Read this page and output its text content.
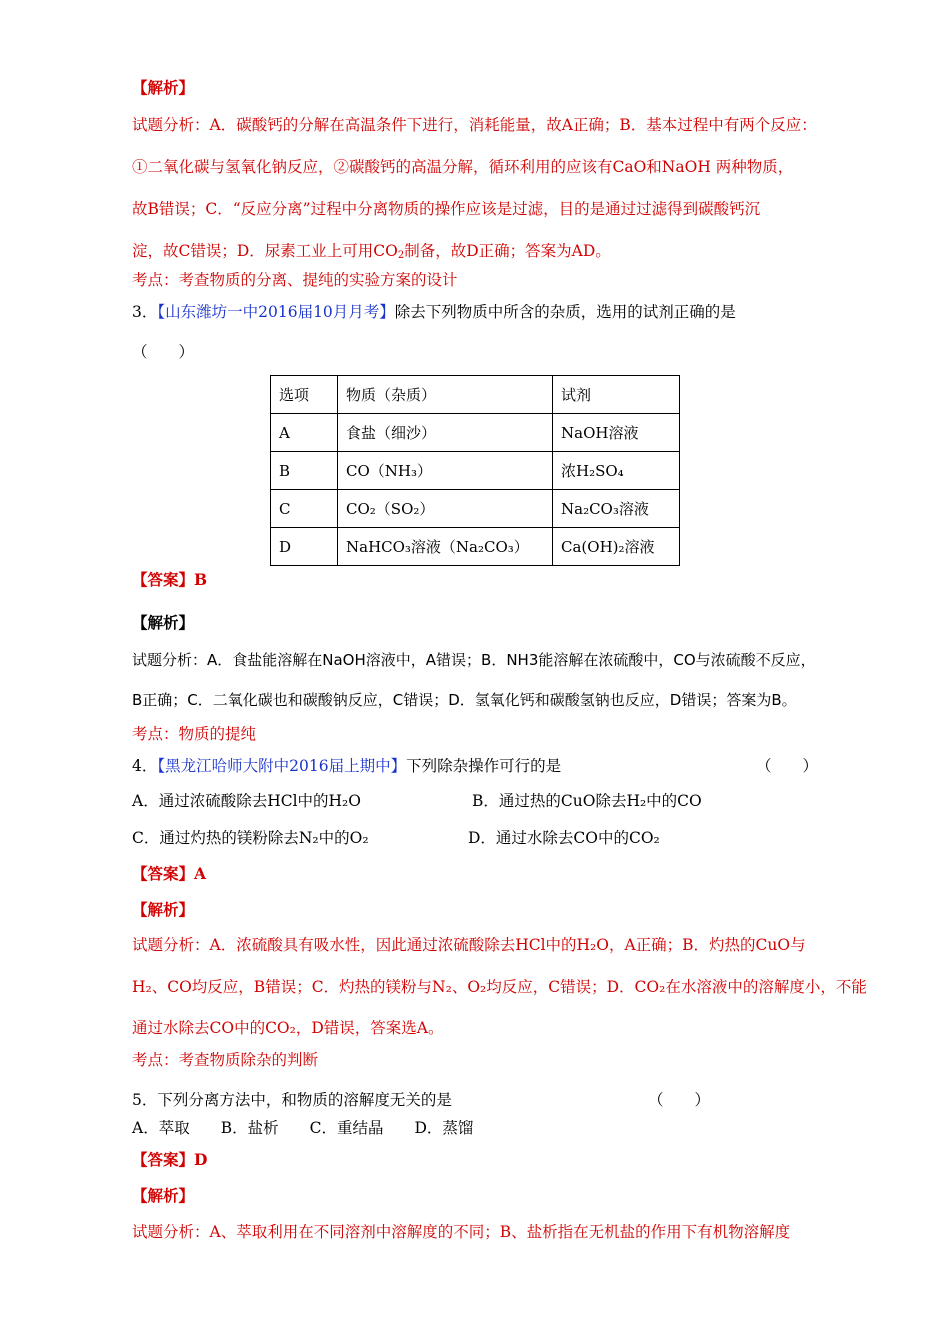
【解析】
试题分析：A．碳酸钙的分解在高温条件下进行，消耗能量，故A正确；B．基本过程中有两个反应：
①二氧化碳与氢氧化钠反应，②碳酸钙的高温分解，循环利用的应该有CaO和NaOH 两种物质，
故B错误；C．“反应分离”过程中分离物质的操作应该是过滤，目的是通过过滤得到碳酸钙沉
淀，故C错误；D．尿素工业上可用$CO_2$制备，故D正确；答案为AD。
考点：考查物质的分离、提纯的实验方案的设计
3．【山东潍坊一中2016届10月月考】除去下列物质中所含的杂质，选用的试剂正确的是
（　　）
选项	物质（杂质）	试剂
A	食盐（细沙）	NaOH溶液
B	CO（NH₃）	浓H₂SO₄
C	CO₂（SO₂）	Na₂CO₃溶液
D	NaHCO₃溶液（Na₂CO₃）	Ca(OH)₂溶液
【答案】B
【解析】
试题分析：A．食盐能溶解在NaOH溶液中，A错误；B．NH3能溶解在浓硫酸中，CO与浓硫酸不反应，
B正确；C．二氧化碳也和碳酸钠反应，C错误；D．氢氧化钙和碳酸氢钠也反应，D错误；答案为B。
考点：物质的提纯
4．【黑龙江哈师大附中2016届上期中】下列除杂操作可行的是	（　　）
A．通过浓硫酸除去HCl中的H₂O	B．通过热的CuO除去H₂中的CO
C．通过灼热的镁粉除去N₂中的O₂	D．通过水除去CO中的CO₂
【答案】A
【解析】
试题分析：A．浓硫酸具有吸水性，因此通过浓硫酸除去HCl中的H₂O，A正确；B．灼热的CuO与
H₂、CO均反应，B错误；C．灼热的镁粉与N₂、O₂均反应，C错误；D．CO₂在水溶液中的溶解度小，不能
通过水除去CO中的CO₂，D错误，答案选A。
考点：考查物质除杂的判断
5．下列分离方法中，和物质的溶解度无关的是	（　　）
A．萃取　　B．盐析　　C．重结晶　　D．蒸馏
【答案】D
【解析】
试题分析：A、萃取利用在不同溶剂中溶解度的不同；B、盐析指在无机盐的作用下有机物溶解度
